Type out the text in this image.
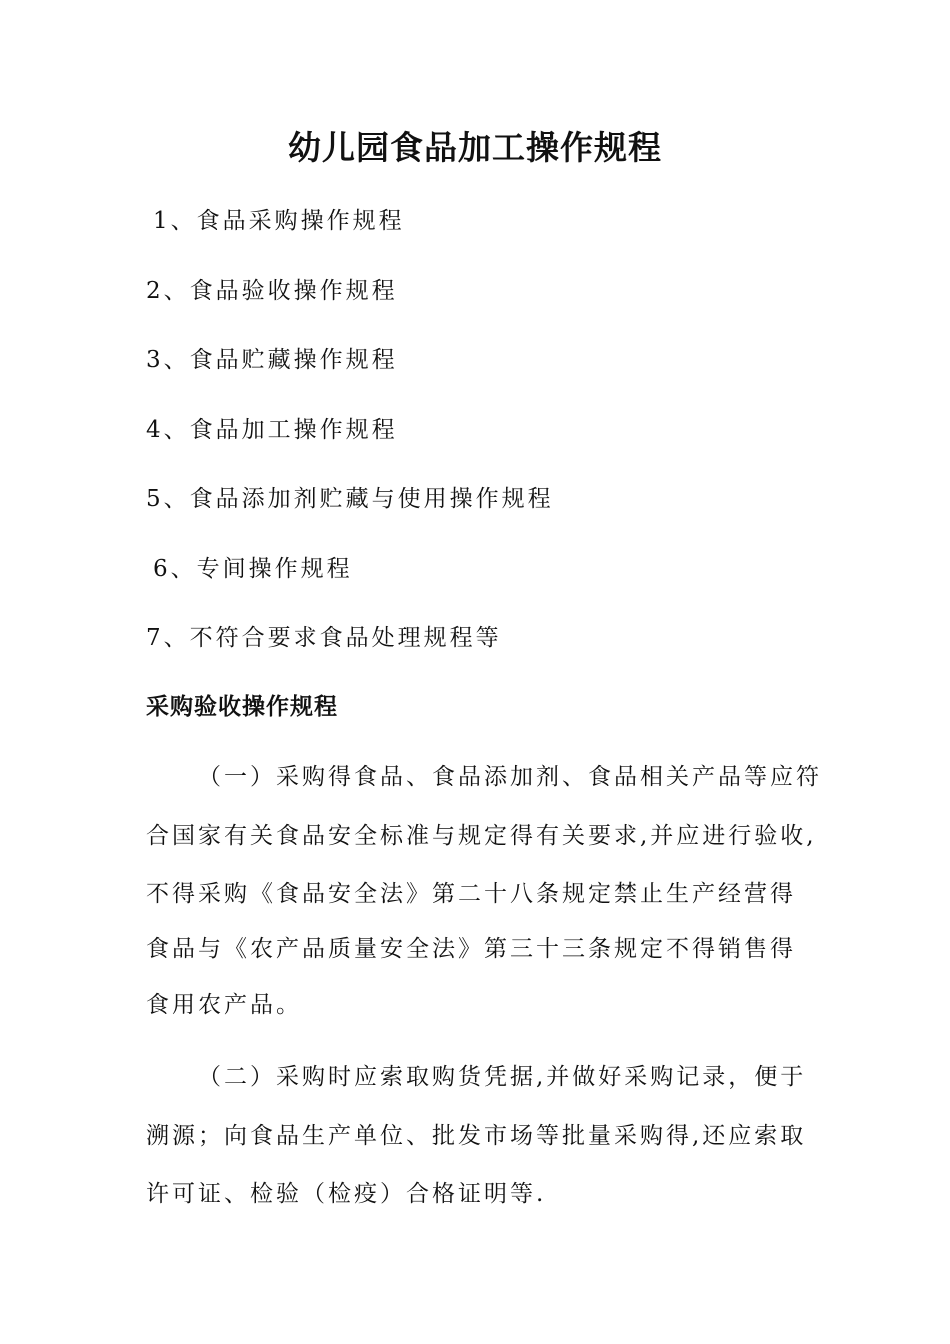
幼儿园食品加工操作规程
1、食品采购操作规程
2、食品验收操作规程
3、食品贮藏操作规程
4、食品加工操作规程
5、食品添加剂贮藏与使用操作规程
6、专间操作规程
7、不符合要求食品处理规程等
采购验收操作规程
（一）采购得食品、食品添加剂、食品相关产品等应符
合国家有关食品安全标准与规定得有关要求,并应进行验收,
不得采购《食品安全法》第二十八条规定禁止生产经营得
食品与《农产品质量安全法》第三十三条规定不得销售得
食用农产品。
（二）采购时应索取购货凭据,并做好采购记录，便于
溯源；向食品生产单位、批发市场等批量采购得,还应索取
许可证、检验（检疫）合格证明等.
